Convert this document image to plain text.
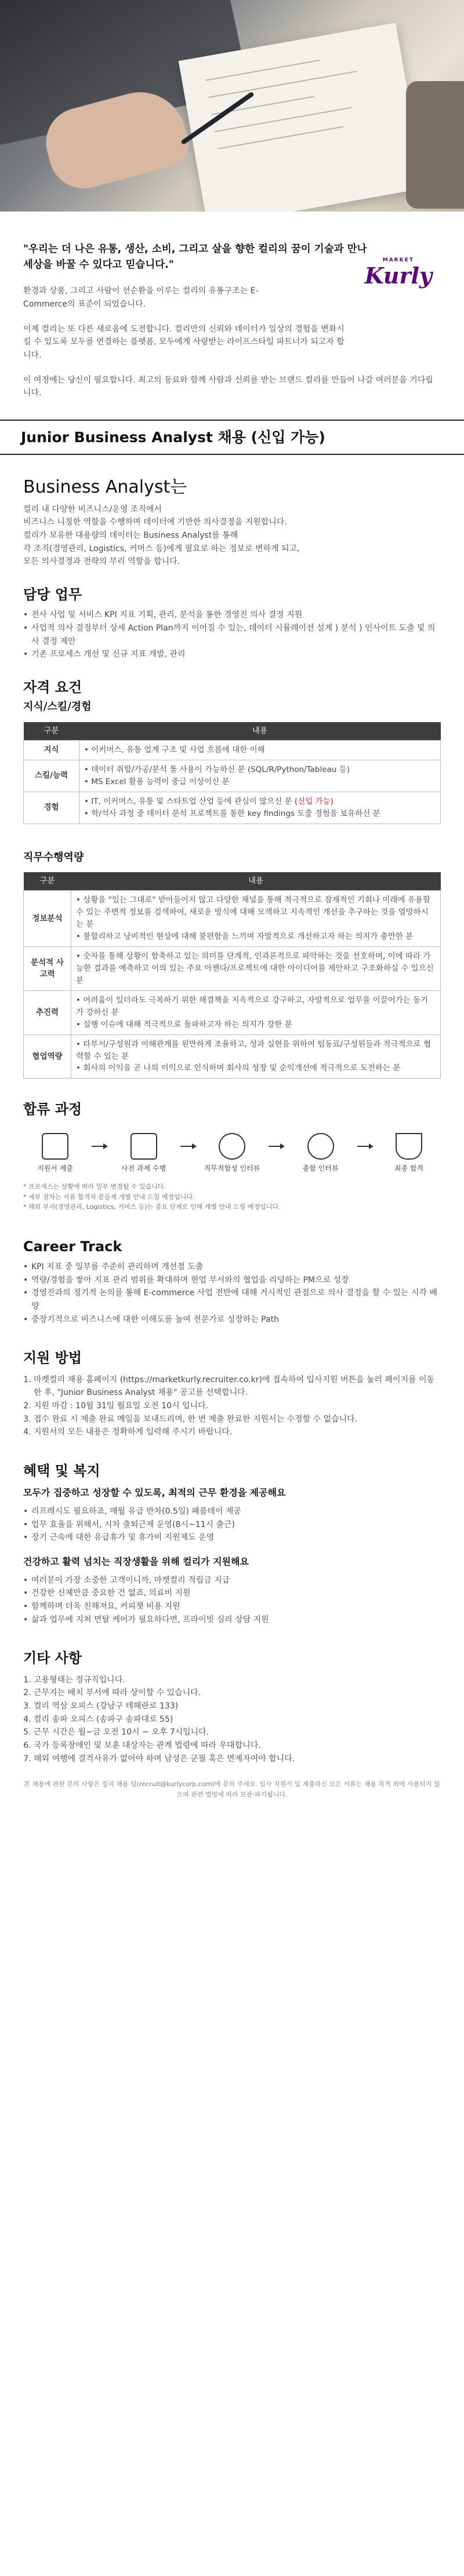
"우리는 더 나은 유통, 생산, 소비, 그리고 살을 향한 컬리의 꿈이 기술과 만나 세상을 바꿀 수 있다고 믿습니다."	MARKET
Kurly
환경과 상품, 그리고 사람이 선순환을 이루는 컬리의 유통구조는 E-Commerce의 표준이 되었습니다.
이제 컬리는 또 다른 새로움에 도전합니다. 컬리만의 신뢰와 데이터가 일상의 경험을 변화시킬 수 있도록 모두를 연결하는 플랫폼, 모두에게 사랑받는 라이프스타일 파트너가 되고자 합니다.
이 여정에는 당신이 필요합니다. 최고의 동료와 함께 사람과 신뢰를 받는 브랜드 컬리를 만들어 나갈 여러분을 기다립니다.
Junior Business Analyst 채용 (신입 가능)
Business Analyst는
컬리 내 다양한 비즈니스/운영 조직에서
비즈니스 니칭한 역할을 수행하며 데이터에 기반한 의사결정을 지원합니다.
컬리가 보유한 대용량의 데이터는 Business Analyst를 통해
각 조직(경영관리, Logistics, 커머스 등)에게 필요로 하는 정보로 변하게 되고,
모든 의사결정과 전략의 부리 역할을 합니다.
담당 업무
• 전사 사업 및 서비스 KPI 지표 기획, 관리, 분석을 통한 경영진 의사 결정 지원
• 사업적 의사 결정부터 상세 Action Plan까지 이어질 수 있는, 데이터 시뮬레이션 설계 ) 분석 ) 인사이트 도출 및 의사 결정 제안
• 기존 프로세스 개선 및 신규 지표 개발, 관리
자격 요건
지식/스킬/경험
구분	내용
지식	• 이커머스, 유통 업계 구조 및 사업 흐름에 대한 이해

스킬/능력	• 데이터 취합/가공/분석 툴 사용이 가능하신 분 (SQL/R/Python/Tableau 등)
• MS Excel 활용 능력이 중급 이상이신 분

경험	• IT, 이커머스, 유통 및 스타트업 산업 등에 관심이 많으신 분 (신입 가능)
• 학/석사 과정 중 데이터 분석 프로젝트를 통한 key findings 도출 경험을 보유하신 분
직무수행역량
구분	내용
정보분석	• 상황을 "있는 그대로" 받아들이지 않고 다양한 채널을 통해 적극적으로 잠재적인 기회나 미래에 유용할 수 있는 주변적 정보를 검색하여, 새로운 방식에 대해 모색하고 지속적인 개선을 추구하는 것을 열망하시는 분
• 불합리하고 낭비적인 현상에 대해 불편함을 느끼며 자발적으로 개선하고자 하는 의지가 충만한 분

분석적 사고력	• 숫자를 통해 상황이 함축하고 있는 의미를 단계적, 인과론적으로 파악하는 것을 선호하며, 이에 따라 가능한 결과를 예측하고 이의 있는 주요 아젠다/프로젝트에 대한 아이디어를 제안하고 구조화하실 수 있으신 분

추진력	• 어려움이 있더라도 극복하기 위한 해결책을 지속적으로 강구하고, 자발적으로 업무를 이끌어가는 동기가 강하신 분
• 실행 이슈에 대해 적극적으로 돌파하고자 하는 의지가 강한 분

협업역량	• 타부서/구성원과 이해관계를 원만하게 조율하고, 성과 실현을 위하여 팀동료/구성원들과 적극적으로 협력할 수 있는 분
• 회사의 이익을 곧 나의 이익으로 인식하며 회사의 성장 및 순익개선에 적극적으로 도전하는 분
합류 과정
지원서 제출	사전 과제 수행	직무적합성 인터뷰	종합 인터뷰	최종 합격
* 프로세스는 상황에 따라 일부 변경될 수 있습니다.
* 세부 절차는 서류 합격자 분들께 개별 안내 드릴 예정입니다.
* 해외 부서(경영관리, Logistics, 커머스 등)는 중요 단계로 인해 개별 안내 드릴 예정입니다.
Career Track
• KPI 지표 중 일부를 주준히 관리하며 개선점 도출
• 역량/경험을 쌓아 지표 관리 범위를 확대하며 현업 부서와의 협업을 리딩하는 PM으로 성장
• 경영진과의 정기적 논의를 통해 E-commerce 사업 전반에 대해 거시적인 관점으로 의사 결정을 할 수 있는 시각 배양
• 중장기적으로 비즈니스에 대한 이해도를 높여 전문가로 성장하는 Path
지원 방법
1. 마켓컬리 채용 홈페이지 (https://marketkurly.recruiter.co.kr)에 접속하여 입사지원 버튼을 눌러 페이지를 이동한 후, "Junior Business Analyst 채용" 공고를 선택합니다.
2. 지원 마감 : 10월 31일 월요일 오전 10시 입니다.
3. 접수 완료 시 제출 완료 메일을 보내드리며, 한 번 제출 완료한 지원서는 수정할 수 없습니다.
4. 지원서의 모든 내용은 정확하게 입력해 주시기 바랍니다.
혜택 및 복지
모두가 집중하고 성장할 수 있도록, 최적의 근무 환경을 제공해요
• 리프레시도 필요하죠, 매월 유급 반차(0.5일) 패플데이 제공
• 업무 효율을 위해서, 시차 출퇴근제 운영(8시~11시 출근)
• 장기 근속에 대한 유급휴가 및 휴가비 지원제도 운영
건강하고 활력 넘치는 직장생활을 위해 컬리가 지원해요
• 여러분이 가장 소중한 고객이니까, 마켓컬리 적립금 지급
• 건강한 신체만큼 중요한 건 없죠, 의료비 지원
• 함께하며 더욱 친해져요, 커피챗 비용 지원
• 삶과 업무에 지쳐 면탈 케어가 필요하다면, 프라이빗 심리 상담 지원
기타 사항
1. 고용형태는 정규직입니다.
2. 근무지는 배치 부서에 따라 상이할 수 있습니다.
3. 컬리 역삼 오피스 (강남구 테헤란로 133)
4. 컬리 송파 오피스 (송파구 송파대로 55)
5. 근무 시간은 월~금 오전 10시 ~ 오후 7시입니다.
6. 국가 등록장애인 및 보훈 대상자는 관계 법령에 따라 우대합니다.
7. 해외 여행에 결격사유가 없어야 하며 남성은 군필 혹은 면제자여야 합니다.
본 채용에 관한 문의 사항은 컬리 채용 팀(recruit@kurlycorp.com)에 문의 주세요. 입사 지원서 및 제출하신 모든 서류는 채용 목적 외에 사용되지 않으며 관련 법령에 따라 보관·파기됩니다.
